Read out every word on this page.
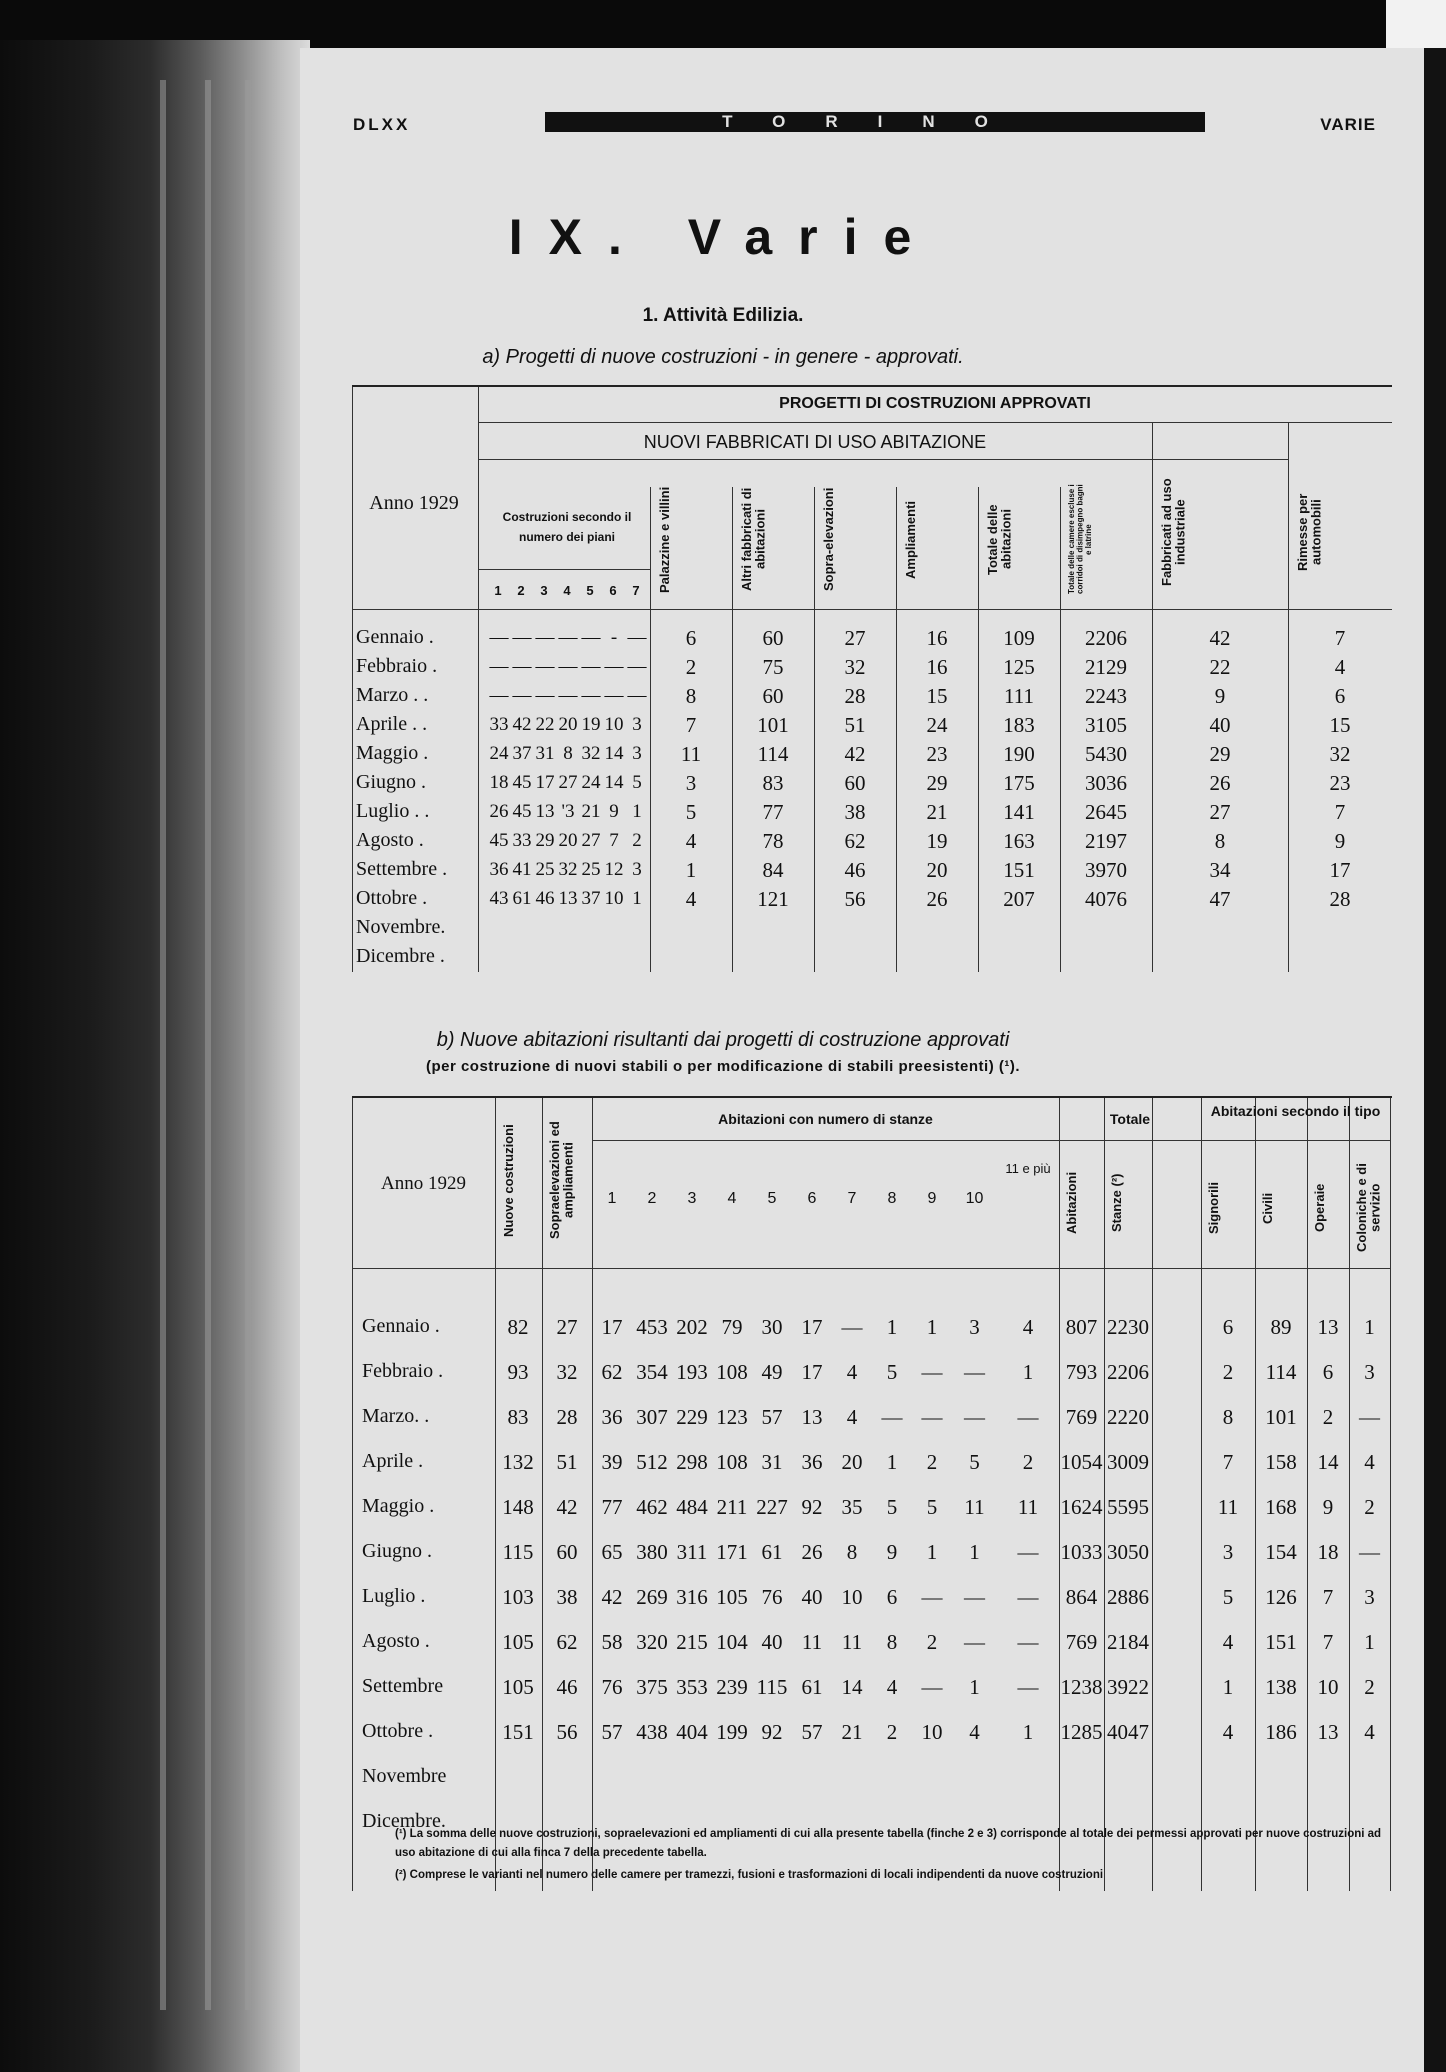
DLXX	TORINO	VARIE
IX. Varie
1. Attività Edilizia.
a) Progetti di nuove costruzioni - in genere - approvati.
PROGETTI DI COSTRUZIONI APPROVATI
NUOVI FABBRICATI DI USO ABITAZIONE
Anno 1929
Costruzioni secondo il numero dei piani
1	2	3	4	5	6	7	Palazzine e villini	Altri fabbricati di abitazioni	Sopra-elevazioni	Ampliamenti	Totale delle abitazioni	Totale delle camere escluse i corridoi di disimpegno bagni e latrine	Fabbricati ad uso industriale	Rimesse per automobili
Gennaio .	— — — — — - —	6	60	27	16	109	2206	42	7
Febbraio .	— — — — — — —	2	75	32	16	125	2129	22	4
Marzo . .	— — — — — — —	8	60	28	15	111	2243	9	6
Aprile . .	33 42 22 20 19 10 3	7	101	51	24	183	3105	40	15
Maggio .	24 37 31 8 32 14 3	11	114	42	23	190	5430	29	32
Giugno .	18 45 17 27 24 14 5	3	83	60	29	175	3036	26	23
Luglio . .	26 45 13 '3 21 9 1	5	77	38	21	141	2645	27	7
Agosto .	45 33 29 20 27 7 2	4	78	62	19	163	2197	8	9
Settembre . 36 41 25 32 25 12 3	1	84	46	20	151	3970	34	17
Ottobre .	43 61 46 13 37 10 1	4	121	56	26	207	4076	47	28
Novembre.
Dicembre .
b) Nuove abitazioni risultanti dai progetti di costruzione approvati
(per costruzione di nuovi stabili o per modificazione di stabili preesistenti) (¹).
Anno 1929	Nuove costruzioni	Sopraelevazioni ed ampliamenti
Abitazioni con numero di stanze	Totale	Abitazioni secondo il tipo
1	2	3	4	5	6	7	8	9	10
11 e più
Abitazioni	Stanze (²)	Signorili	Civili	Operaie	Coloniche e di servizio
Gennaio .	82	27	17 453 202 79 30 17 —	1	1	3	4	807 2230	6	89	13	1
Febbraio .	93	32	62 354 193 108 49 17	4	5	—	—	1	793 2206	2	114	6	3
Marzo. .	83	28	36 307 229 123 57 13	4	— —	—	—	769 2220	8	101	2	—
Aprile .	132	51	39 512 298 108 31 36 20	1	2	5	2	1054 3009	7	158 14	4
Maggio .	148	42	77 462 484 211 227 92 35	5	5	11	11	1624 5595	11	168	9	2
Giugno .	115	60	65 380 311 171 61 26	8	9	1	1	—	1033 3050	3	154 18 —
Luglio .	103	38	42 269 316 105 76 40 10	6	—	—	—	864 2886	5	126	7	3
Agosto .	105	62	58 320 215 104 40 11 11	8	2	—	—	769 2184	4	151	7	1
Settembre	105	46	76 375 353 239 115 61 14	4	—	1	—	1238 3922	1	138 10	2
Ottobre .	151	56	57 438 404 199 92 57 21	2	10	4	1	1285 4047	4	186 13	4
Novembre
Dicembre.
(¹) La somma delle nuove costruzioni, sopraelevazioni ed ampliamenti di cui alla presente tabella (finche 2 e 3) corrisponde al totale dei permessi approvati per nuove costruzioni ad uso abitazione di cui alla finca 7 della precedente tabella.
(²) Comprese le varianti nel numero delle camere per tramezzi, fusioni e trasformazioni di locali indipendenti da nuove costruzioni
